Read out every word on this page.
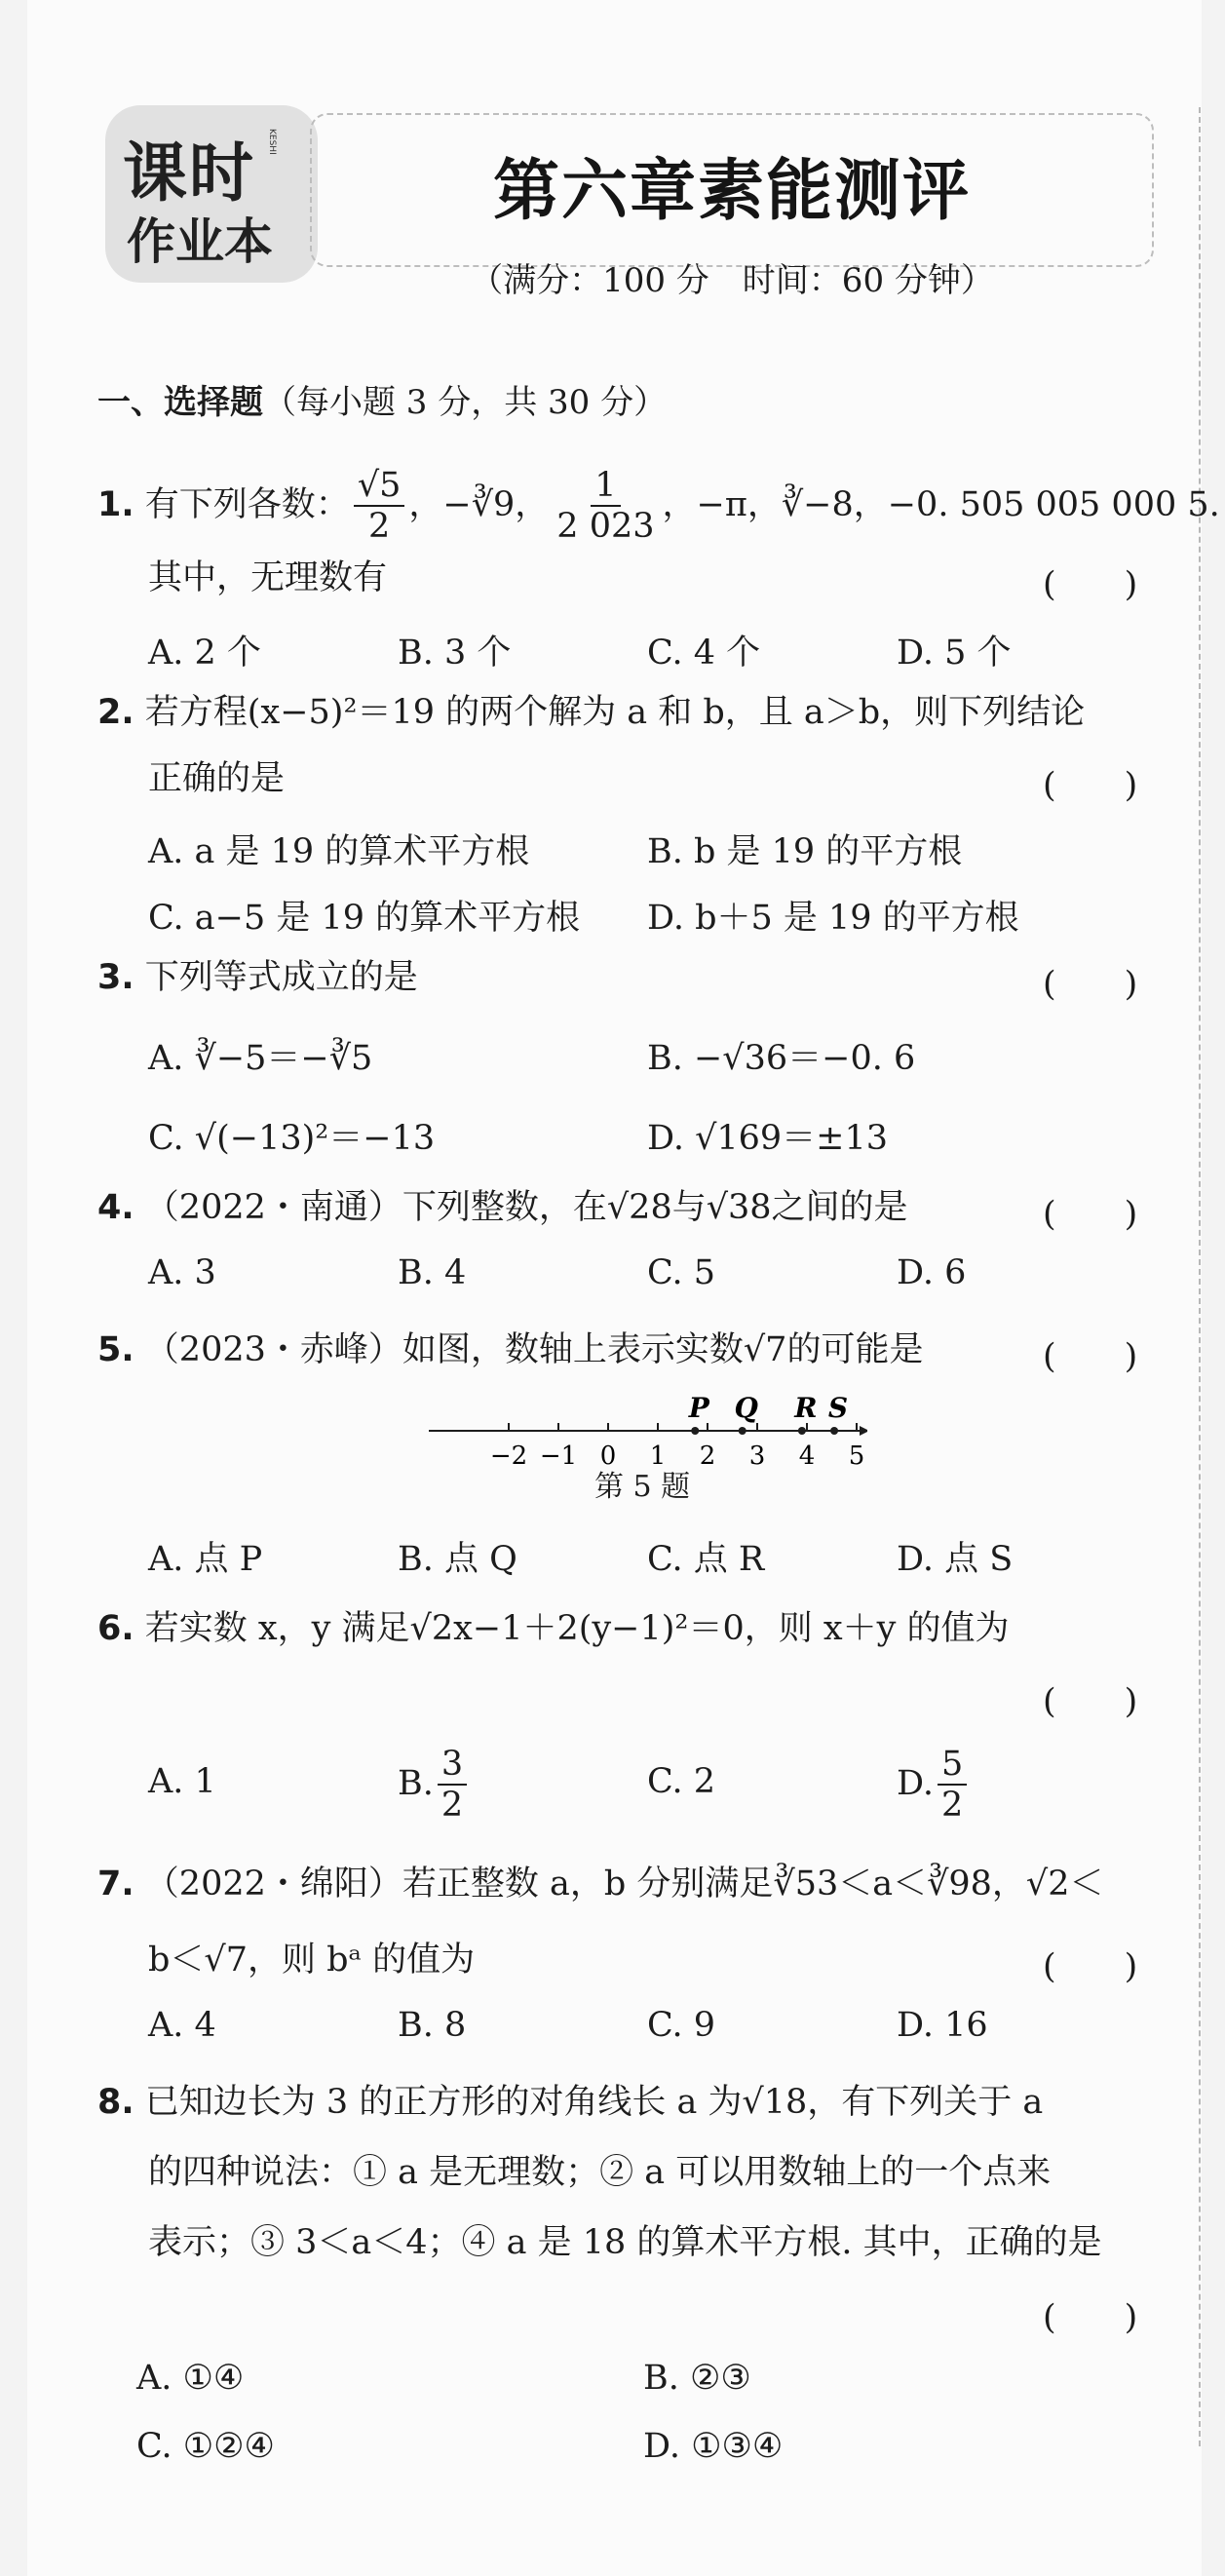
课时
作业本
KESHI
第六章素能测评
（满分：100 分　时间：60 分钟）
一、选择题（每小题 3 分，共 30 分）
1. 有下列各数： $\frac{√5}{2}$ ，−∛9， $\frac{1}{2 023}$ ，−π，∛−8，−0. 505 005 000 5.
其中，无理数有	(　　)
A. 2 个	B. 3 个	C. 4 个	D. 5 个
2. 若方程(x−5)²＝19 的两个解为 a 和 b，且 a＞b，则下列结论
正确的是	(　　)
A. a 是 19 的算术平方根	B. b 是 19 的平方根
C. a−5 是 19 的算术平方根 D. b＋5 是 19 的平方根
3. 下列等式成立的是	(　　)
A. ∛−5＝−∛5	B. −√36＝−0. 6
C. √(−13)²＝−13	D. √169＝±13
4. （2022・南通）下列整数，在√28与√38之间的是	(　　)
A. 3	B. 4	C. 5	D. 6
5. （2023・赤峰）如图，数轴上表示实数√7的可能是	(　　)
−2 −1 0 1 2 3 4 5
P Q R S
第 5 题
A. 点 P	B. 点 Q	C. 点 R	D. 点 S
6. 若实数 x，y 满足√2x−1＋2(y−1)²＝0，则 x＋y 的值为
(　　)
A. 1	B. $\frac{3}{2}$	C. 2	D. $\frac{5}{2}$
7. （2022・绵阳）若正整数 a，b 分别满足∛53＜a＜∛98，√2＜
b＜√7，则 bᵃ 的值为	(　　)
A. 4	B. 8	C. 9	D. 16
8. 已知边长为 3 的正方形的对角线长 a 为√18，有下列关于 a
的四种说法：① a 是无理数；② a 可以用数轴上的一个点来
表示；③ 3＜a＜4；④ a 是 18 的算术平方根. 其中，正确的是
(　　)
A. ①④	B. ②③
C. ①②④	D. ①③④
